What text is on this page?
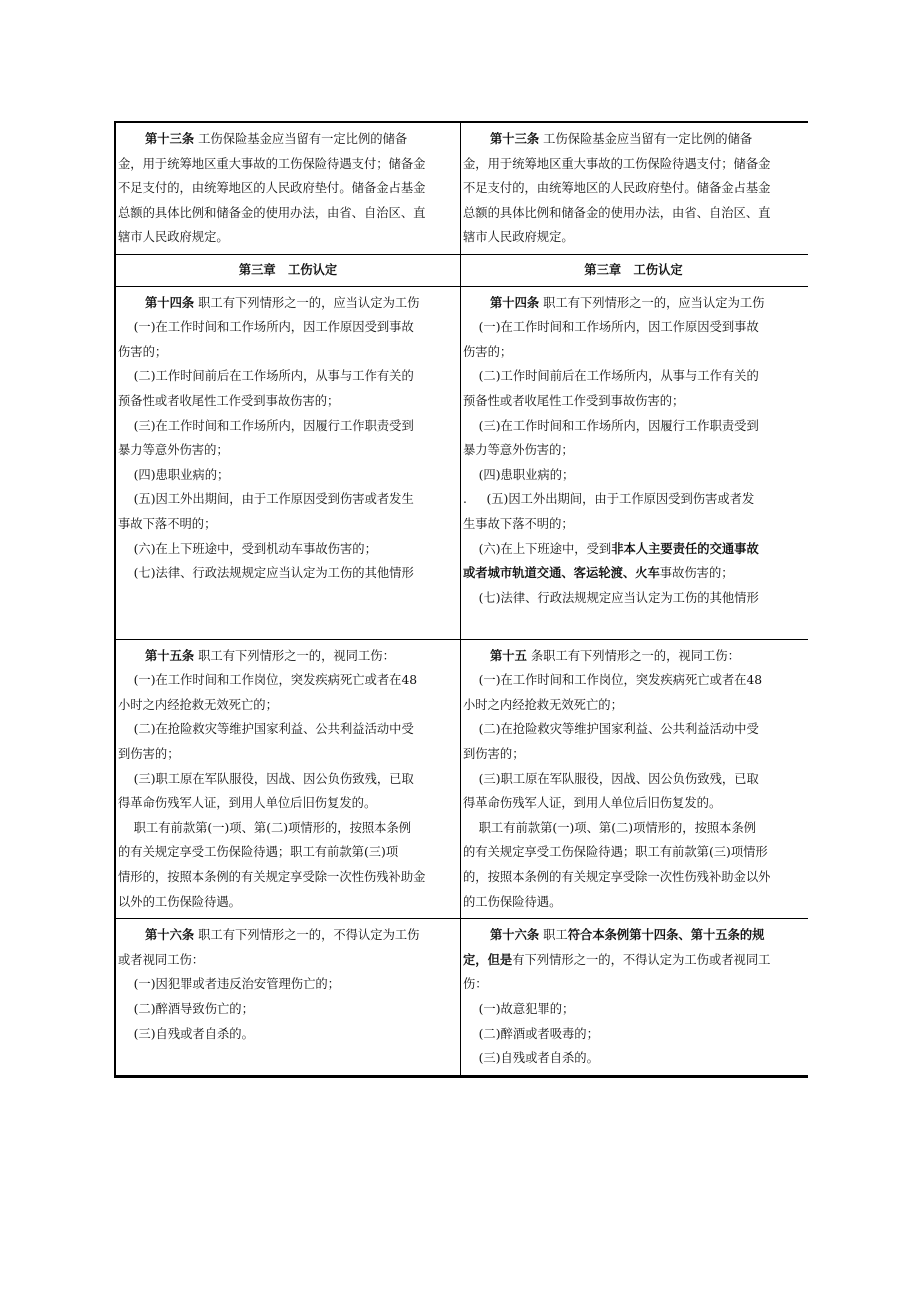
第十三条 工伤保险基金应当留有一定比例的储备
金，用于统筹地区重大事故的工伤保险待遇支付；储备金
不足支付的，由统筹地区的人民政府垫付。储备金占基金
总额的具体比例和储备金的使用办法，由省、自治区、直
辖市人民政府规定。
第十三条 工伤保险基金应当留有一定比例的储备
金，用于统筹地区重大事故的工伤保险待遇支付；储备金
不足支付的，由统筹地区的人民政府垫付。储备金占基金
总额的具体比例和储备金的使用办法，由省、自治区、直
辖市人民政府规定。
第三章　工伤认定	第三章　工伤认定
第十四条 职工有下列情形之一的，应当认定为工伤
(一)在工作时间和工作场所内，因工作原因受到事故
伤害的；
(二)工作时间前后在工作场所内，从事与工作有关的
预备性或者收尾性工作受到事故伤害的；
(三)在工作时间和工作场所内，因履行工作职责受到
暴力等意外伤害的；
(四)患职业病的；
(五)因工外出期间，由于工作原因受到伤害或者发生
事故下落不明的；
(六)在上下班途中，受到机动车事故伤害的；
(七)法律、行政法规规定应当认定为工伤的其他情形
第十四条 职工有下列情形之一的，应当认定为工伤
(一)在工作时间和工作场所内，因工作原因受到事故
伤害的；
(二)工作时间前后在工作场所内，从事与工作有关的
预备性或者收尾性工作受到事故伤害的；
(三)在工作时间和工作场所内，因履行工作职责受到
暴力等意外伤害的；
(四)患职业病的；
.     (五)因工外出期间，由于工作原因受到伤害或者发
生事故下落不明的；
(六)在上下班途中，受到非本人主要责任的交通事故
或者城市轨道交通、客运轮渡、火车事故伤害的；
(七)法律、行政法规规定应当认定为工伤的其他情形
第十五条 职工有下列情形之一的，视同工伤：
(一)在工作时间和工作岗位，突发疾病死亡或者在48
小时之内经抢救无效死亡的；
(二)在抢险救灾等维护国家利益、公共利益活动中受
到伤害的；
(三)职工原在军队服役，因战、因公负伤致残，已取
得革命伤残军人证，到用人单位后旧伤复发的。
职工有前款第(一)项、第(二)项情形的，按照本条例
的有关规定享受工伤保险待遇；职工有前款第(三)项
情形的，按照本条例的有关规定享受除一次性伤残补助金
以外的工伤保险待遇。
第十五 条职工有下列情形之一的，视同工伤：
(一)在工作时间和工作岗位，突发疾病死亡或者在48
小时之内经抢救无效死亡的；
(二)在抢险救灾等维护国家利益、公共利益活动中受
到伤害的；
(三)职工原在军队服役，因战、因公负伤致残，已取
得革命伤残军人证，到用人单位后旧伤复发的。
职工有前款第(一)项、第(二)项情形的，按照本条例
的有关规定享受工伤保险待遇；职工有前款第(三)项情形
的，按照本条例的有关规定享受除一次性伤残补助金以外
的工伤保险待遇。
第十六条 职工有下列情形之一的，不得认定为工伤
或者视同工伤：
(一)因犯罪或者违反治安管理伤亡的；
(二)醉酒导致伤亡的；
(三)自残或者自杀的。
第十六条 职工符合本条例第十四条、第十五条的规
定，但是有下列情形之一的，不得认定为工伤或者视同工
伤：
(一)故意犯罪的；
(二)醉酒或者吸毒的；
(三)自残或者自杀的。
